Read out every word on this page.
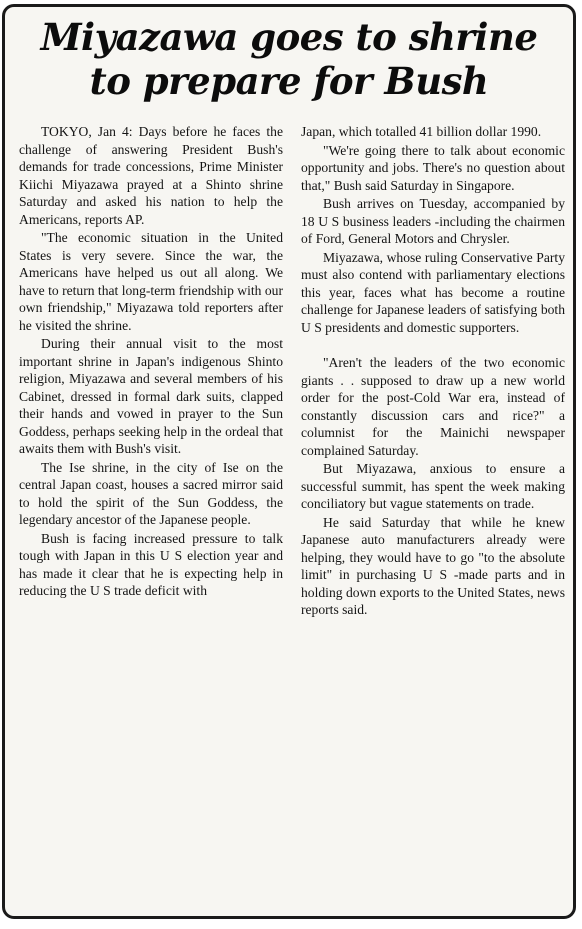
Miyazawa goes to shrine
to prepare for Bush

TOKYO, Jan 4: Days before he faces the challenge of answering President Bush's demands for trade concessions, Prime Minister Kiichi Miyazawa prayed at a Shinto shrine Saturday and asked his nation to help the Americans, reports AP.

"The economic situation in the United States is very severe. Since the war, the Americans have helped us out all along. We have to return that long-term friendship with our own friendship," Miyazawa told reporters after he visited the shrine.

During their annual visit to the most important shrine in Japan's indigenous Shinto religion, Miyazawa and several members of his Cabinet, dressed in formal dark suits, clapped their hands and vowed in prayer to the Sun Goddess, perhaps seeking help in the ordeal that awaits them with Bush's visit.

The Ise shrine, in the city of Ise on the central Japan coast, houses a sacred mirror said to hold the spirit of the Sun Goddess, the legendary ancestor of the Japanese people.

Bush is facing increased pressure to talk tough with Japan in this U S election year and has made it clear that he is expecting help in reducing the U S trade deficit with

Japan, which totalled 41 billion dollar 1990.

"We're going there to talk about economic opportunity and jobs. There's no question about that," Bush said Saturday in Singapore.

Bush arrives on Tuesday, accompanied by 18 U S business leaders -including the chairmen of Ford, General Motors and Chrysler.

Miyazawa, whose ruling Conservative Party must also contend with parliamentary elections this year, faces what has become a routine challenge for Japanese leaders of satisfying both U S presidents and domestic supporters.

"Aren't the leaders of the two economic giants . . supposed to draw up a new world order for the post-Cold War era, instead of constantly discussion cars and rice?" a columnist for the Mainichi newspaper complained Saturday.

But Miyazawa, anxious to ensure a successful summit, has spent the week making conciliatory but vague statements on trade.

He said Saturday that while he knew Japanese auto manufacturers already were helping, they would have to go "to the absolute limit" in purchasing U S -made parts and in holding down exports to the United States, news reports said.
